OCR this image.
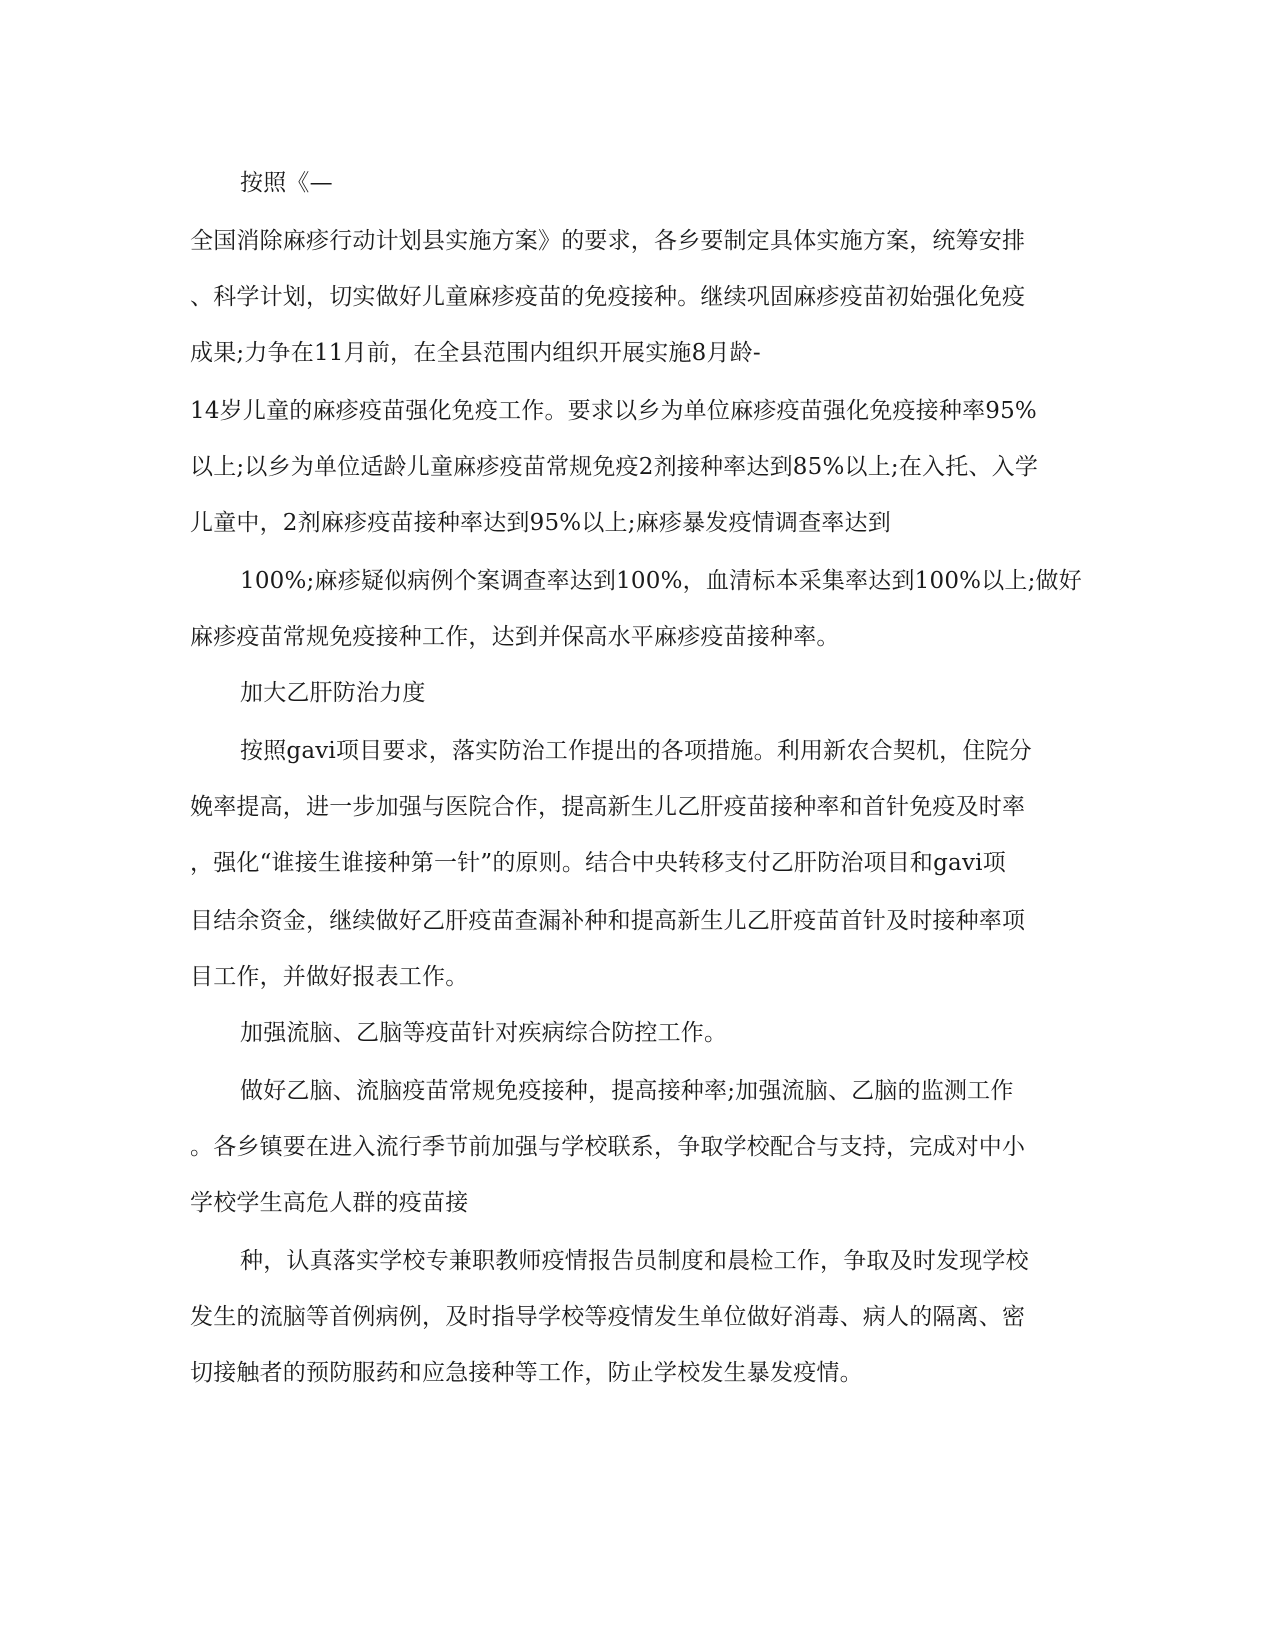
按照《—
全国消除麻疹行动计划县实施方案》的要求，各乡要制定具体实施方案，统筹安排
、科学计划，切实做好儿童麻疹疫苗的免疫接种。继续巩固麻疹疫苗初始强化免疫
成果;力争在11月前，在全县范围内组织开展实施8月龄-
14岁儿童的麻疹疫苗强化免疫工作。要求以乡为单位麻疹疫苗强化免疫接种率95%
以上;以乡为单位适龄儿童麻疹疫苗常规免疫2剂接种率达到85%以上;在入托、入学
儿童中，2剂麻疹疫苗接种率达到95%以上;麻疹暴发疫情调查率达到
100%;麻疹疑似病例个案调查率达到100%，血清标本采集率达到100%以上;做好
麻疹疫苗常规免疫接种工作，达到并保高水平麻疹疫苗接种率。
加大乙肝防治力度
按照gavi项目要求，落实防治工作提出的各项措施。利用新农合契机，住院分
娩率提高，进一步加强与医院合作，提高新生儿乙肝疫苗接种率和首针免疫及时率
，强化“谁接生谁接种第一针”的原则。结合中央转移支付乙肝防治项目和gavi项
目结余资金，继续做好乙肝疫苗查漏补种和提高新生儿乙肝疫苗首针及时接种率项
目工作，并做好报表工作。
加强流脑、乙脑等疫苗针对疾病综合防控工作。
做好乙脑、流脑疫苗常规免疫接种，提高接种率;加强流脑、乙脑的监测工作
。各乡镇要在进入流行季节前加强与学校联系，争取学校配合与支持，完成对中小
学校学生高危人群的疫苗接
种，认真落实学校专兼职教师疫情报告员制度和晨检工作，争取及时发现学校
发生的流脑等首例病例，及时指导学校等疫情发生单位做好消毒、病人的隔离、密
切接触者的预防服药和应急接种等工作，防止学校发生暴发疫情。
